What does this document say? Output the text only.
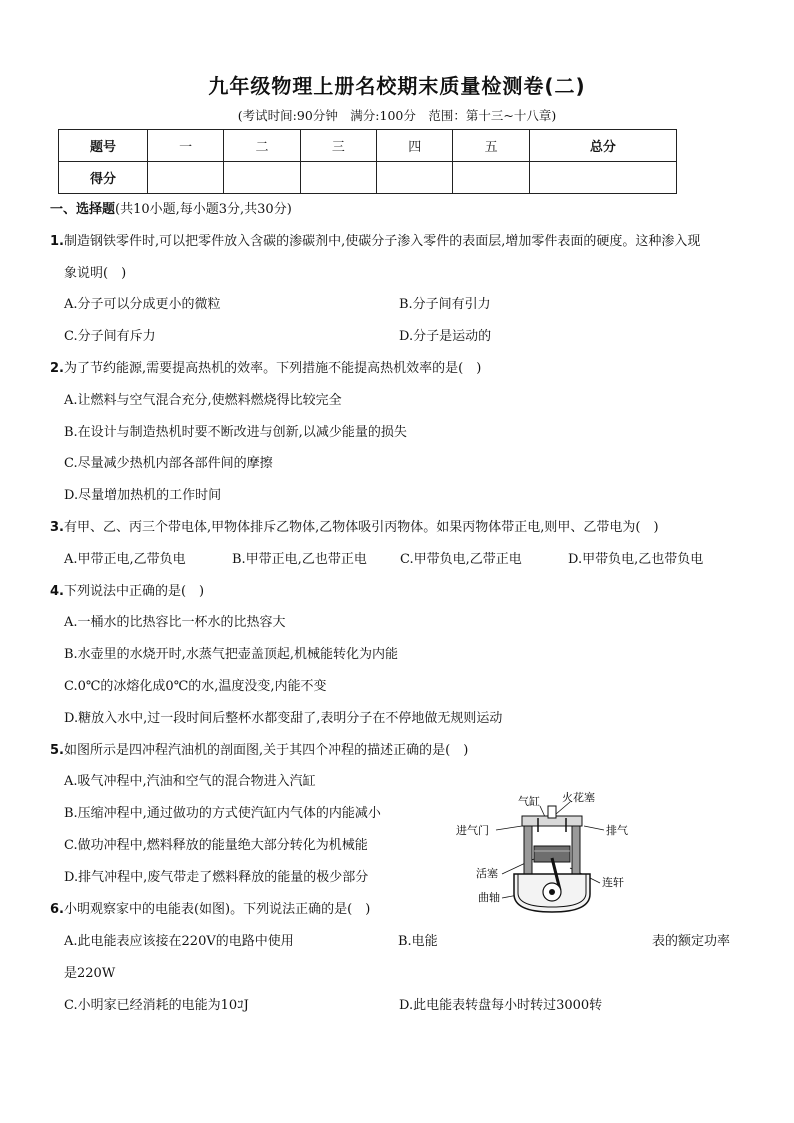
九年级物理上册名校期末质量检测卷(二)
(考试时间:90分钟　满分:100分　范围：第十三~十八章)
题号	一	二	三	四	五	总分
得分						
一、选择题(共10小题,每小题3分,共30分)
1.制造钢铁零件时,可以把零件放入含碳的渗碳剂中,使碳分子渗入零件的表面层,增加零件表面的硬度。这种渗入现
象说明(　)
A.分子可以分成更小的微粒	B.分子间有引力
C.分子间有斥力	D.分子是运动的
2.为了节约能源,需要提高热机的效率。下列措施不能提高热机效率的是(　)
A.让燃料与空气混合充分,使燃料燃烧得比较完全
B.在设计与制造热机时要不断改进与创新,以减少能量的损失
C.尽量减少热机内部各部件间的摩擦
D.尽量增加热机的工作时间
3.有甲、乙、丙三个带电体,甲物体排斥乙物体,乙物体吸引丙物体。如果丙物体带正电,则甲、乙带电为(　)
A.甲带正电,乙带负电	B.甲带正电,乙也带正电	C.甲带负电,乙带正电	D.甲带负电,乙也带负电
4.下列说法中正确的是(　)
A.一桶水的比热容比一杯水的比热容大
B.水壶里的水烧开时,水蒸气把壶盖顶起,机械能转化为内能
C.0℃的冰熔化成0℃的水,温度没变,内能不变
D.糖放入水中,过一段时间后整杯水都变甜了,表明分子在不停地做无规则运动
5.如图所示是四冲程汽油机的剖面图,关于其四个冲程的描述正确的是(　)
A.吸气冲程中,汽油和空气的混合物进入汽缸
B.压缩冲程中,通过做功的方式使汽缸内气体的内能减小
C.做功冲程中,燃料释放的能量绝大部分转化为机械能
D.排气冲程中,废气带走了燃料释放的能量的极少部分
气缸 火花塞
进气门	排气
活塞
连轩
曲轴
6.小明观察家中的电能表(如图)。下列说法正确的是(　)
A.此电能表应该接在220V的电路中使用	B.电能	表的额定功率
是220W
C.小明家已经消耗的电能为10ｺJ	D.此电能表转盘每小时转过3000转
